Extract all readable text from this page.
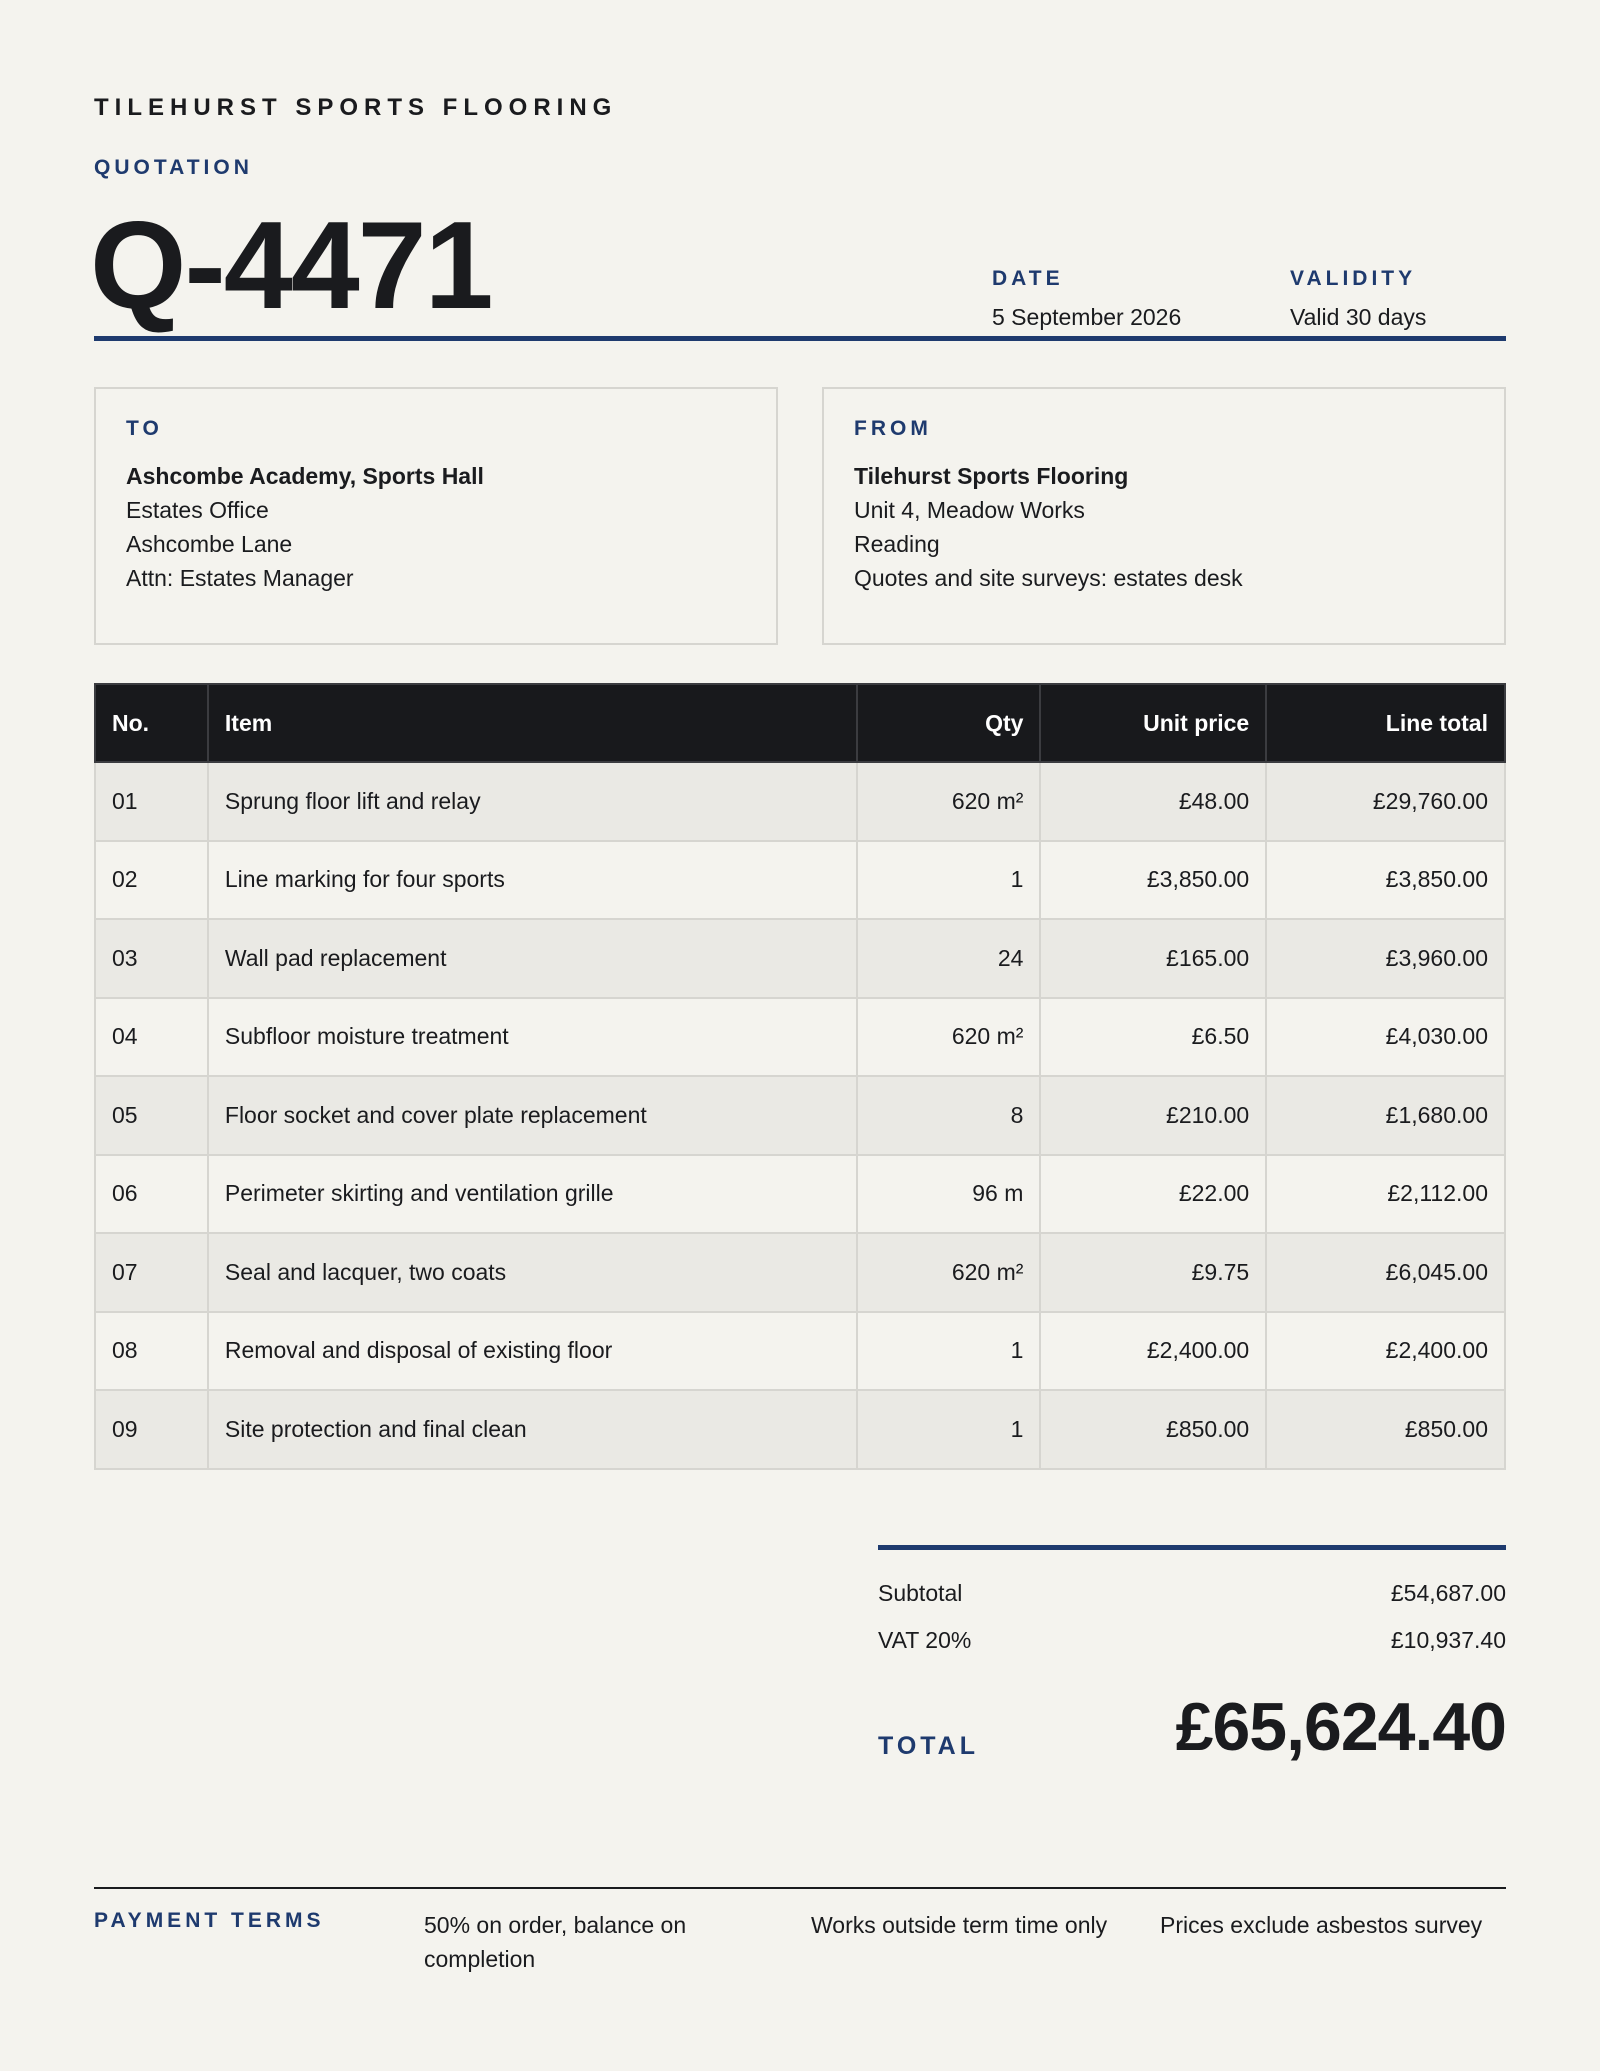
TILEHURST SPORTS FLOORING
QUOTATION
Q-4471	DATE
5 September 2026
VALIDITY
Valid 30 days
TO
Ashcombe Academy, Sports Hall
Estates Office
Ashcombe Lane
Attn: Estates Manager
FROM
Tilehurst Sports Flooring
Unit 4, Meadow Works
Reading
Quotes and site surveys: estates desk
No.	Item	Qty	Unit price	Line total
01	Sprung floor lift and relay	620 m²	£48.00	£29,760.00
02	Line marking for four sports	1	£3,850.00	£3,850.00
03	Wall pad replacement	24	£165.00	£3,960.00
04	Subfloor moisture treatment	620 m²	£6.50	£4,030.00
05	Floor socket and cover plate replacement	8	£210.00	£1,680.00
06	Perimeter skirting and ventilation grille	96 m	£22.00	£2,112.00
07	Seal and lacquer, two coats	620 m²	£9.75	£6,045.00
08	Removal and disposal of existing floor	1	£2,400.00	£2,400.00
09	Site protection and final clean	1	£850.00	£850.00
Subtotal	£54,687.00
VAT 20%	£10,937.40
TOTAL	£65,624.40
PAYMENT TERMS	50% on order, balance on completion
Works outside term time only	Prices exclude asbestos survey
